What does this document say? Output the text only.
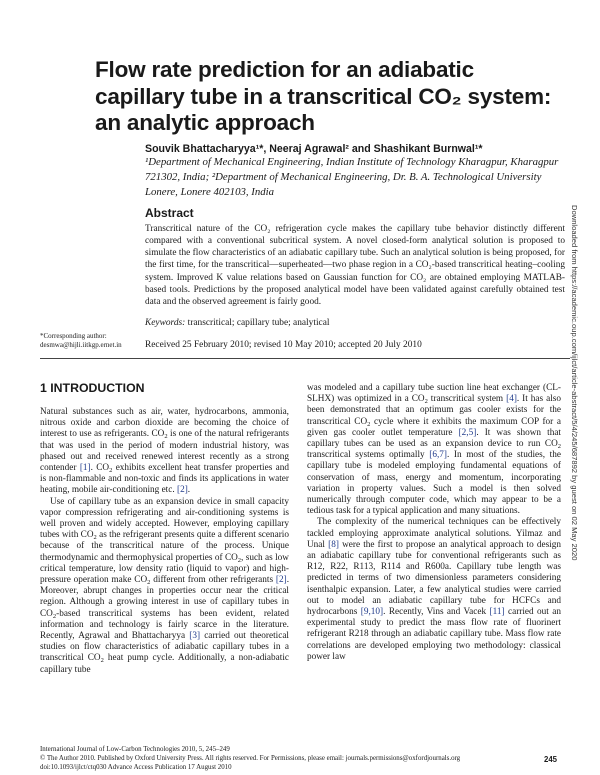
Flow rate prediction for an adiabatic capillary tube in a transcritical CO₂ system: an analytic approach
Souvik Bhattacharyya¹*, Neeraj Agrawal² and Shashikant Burnwal¹*
¹Department of Mechanical Engineering, Indian Institute of Technology Kharagpur, Kharagpur 721302, India; ²Department of Mechanical Engineering, Dr. B. A. Technological University Lonere, Lonere 402103, India
Abstract
Transcritical nature of the CO₂ refrigeration cycle makes the capillary tube behavior distinctly different compared with a conventional subcritical system. A novel closed-form analytical solution is proposed to simulate the flow characteristics of an adiabatic capillary tube. Such an analytical solution is being proposed, for the first time, for the transcritical—superheated—two phase region in a CO₂-based transcritical heating–cooling system. Improved K value relations based on Gaussian function for CO₂ are obtained employing MATLAB-based tools. Predictions by the proposed analytical model have been validated against carefully obtained test data and the observed agreement is fairly good.
Keywords: transcritical; capillary tube; analytical
*Corresponding author:
desmwa@hijli.iitkgp.ernet.in	Received 25 February 2010; revised 10 May 2010; accepted 20 July 2010
1 INTRODUCTION

Natural substances such as air, water, hydrocarbons, ammonia, nitrous oxide and carbon dioxide are becoming the choice of interest to use as refrigerants. $CO_2$ is one of the natural refrigerants that was used in the period of modern industrial history, was phased out and received renewed interest recently as a strong contender [1]. $CO_2$ exhibits excellent heat transfer properties and is non-flammable and non-toxic and finds its applications in water heating, mobile air-conditioning etc. [2].

Use of capillary tube as an expansion device in small capacity vapor compression refrigerating and air-conditioning systems is well proven and widely accepted. However, employing capillary tubes with $CO_2$ as the refrigerant presents quite a different scenario because of the transcritical nature of the process. Unique thermodynamic and thermophysical properties of $CO_2$, such as low critical temperature, low density ratio (liquid to vapor) and high-pressure operation make $CO_2$ different from other refrigerants [2]. Moreover, abrupt changes in properties occur near the critical region. Although a growing interest in use of capillary tubes in $CO_2$-based transcritical systems has been evident, related information and technology is fairly scarce in the literature. Recently, Agrawal and Bhattacharyya [3] carried out theoretical studies on flow characteristics of adiabatic capillary tubes in a transcritical $CO_2$ heat pump cycle. Additionally, a non-adiabatic capillary tube

was modeled and a capillary tube suction line heat exchanger (CL-SLHX) was optimized in a $CO_2$ transcritical system [4]. It has also been demonstrated that an optimum gas cooler exists for the transcritical $CO_2$ cycle where it exhibits the maximum COP for a given gas cooler outlet temperature [2,5]. It was shown that capillary tubes can be used as an expansion device to run $CO_2$ transcritical systems optimally [6,7]. In most of the studies, the capillary tube is modeled employing fundamental equations of conservation of mass, energy and momentum, incorporating variation in property values. Such a model is then solved numerically through computer code, which may appear to be a tedious task for a typical application and many situations.

The complexity of the numerical techniques can be effectively tackled employing approximate analytical solutions. Yilmaz and Unal [8] were the first to propose an analytical approach to design an adiabatic capillary tube for conventional refrigerants such as R12, R22, R113, R114 and R600a. Capillary tube length was predicted in terms of two dimensionless parameters considering isenthalpic expansion. Later, a few analytical studies were carried out to model an adiabatic capillary tube for HCFCs and hydrocarbons [9,10]. Recently, Vins and Vacek [11] carried out an experimental study to predict the mass flow rate of fluorinert refrigerant R218 through an adiabatic capillary tube. Mass flow rate correlations are developed employing two methodology: classical power law

Downloaded from https://academic.oup.com/ijlct/article-abstract/5/4/245/687892 by guest on 02 May 2020
International Journal of Low-Carbon Technologies 2010, 5, 245–249
© The Author 2010. Published by Oxford University Press. All rights reserved. For Permissions, please email: journals.permissions@oxfordjournals.org
doi:10.1093/ijlct/ctq030 Advance Access Publication 17 August 2010
245
